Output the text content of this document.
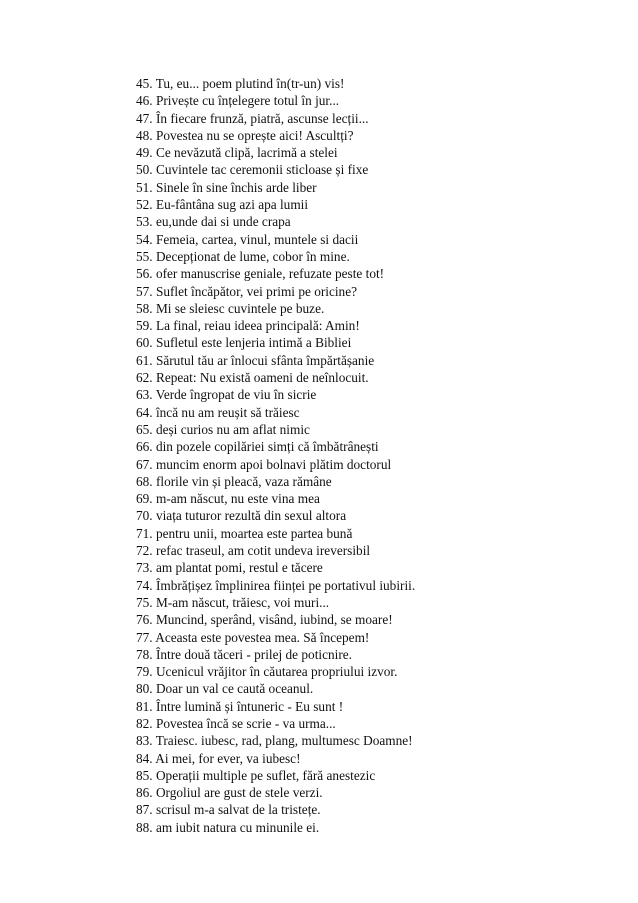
45. Tu, eu... poem plutind în(tr-un) vis!
46. Privește cu înțelegere totul în jur...
47. În fiecare frunză, piatră, ascunse lecții...
48. Povestea nu se oprește aici! Ascultți?
49. Ce nevăzută clipă, lacrimă a stelei
50. Cuvintele tac ceremonii sticloase și fixe
51. Sinele în sine închis arde liber
52. Eu-fântâna sug azi apa lumii
53. eu,unde dai si unde crapa
54. Femeia, cartea, vinul, muntele si dacii
55. Decepționat de lume, cobor în mine.
56. ofer manuscrise geniale, refuzate peste tot!
57. Suflet încăpător, vei primi pe oricine?
58. Mi se sleiesc cuvintele pe buze.
59. La final, reiau ideea principală: Amin!
60. Sufletul este lenjeria intimă a Bibliei
61. Sărutul tău ar înlocui sfânta împărtășanie
62. Repeat: Nu există oameni de neînlocuit.
63. Verde îngropat de viu în sicrie
64. încă nu am reușit să trăiesc
65. deși curios nu am aflat nimic
66. din pozele copilăriei simți că îmbătrânești
67. muncim enorm apoi bolnavi plătim doctorul
68. florile vin și pleacă, vaza rămâne
69. m-am născut, nu este vina mea
70. viața tuturor rezultă din sexul altora
71. pentru unii, moartea este partea bună
72. refac traseul, am cotit undeva ireversibil
73. am plantat pomi, restul e tăcere
74. Îmbrățișez împlinirea ființei pe portativul iubirii.
75. M-am născut, trăiesc, voi muri...
76. Muncind, sperând, visând, iubind, se moare!
77. Aceasta este povestea mea. Să începem!
78. Între două tăceri - prilej de poticnire.
79. Ucenicul vrăjitor în căutarea propriului izvor.
80. Doar un val ce caută oceanul.
81. Între lumină și întuneric - Eu sunt !
82. Povestea încă se scrie - va urma...
83. Traiesc. iubesc, rad, plang, multumesc Doamne!
84. Ai mei, for ever, va iubesc!
85. Operații multiple pe suflet, fără anestezic
86. Orgoliul are gust de stele verzi.
87. scrisul m-a salvat de la tristețe.
88. am iubit natura cu minunile ei.
